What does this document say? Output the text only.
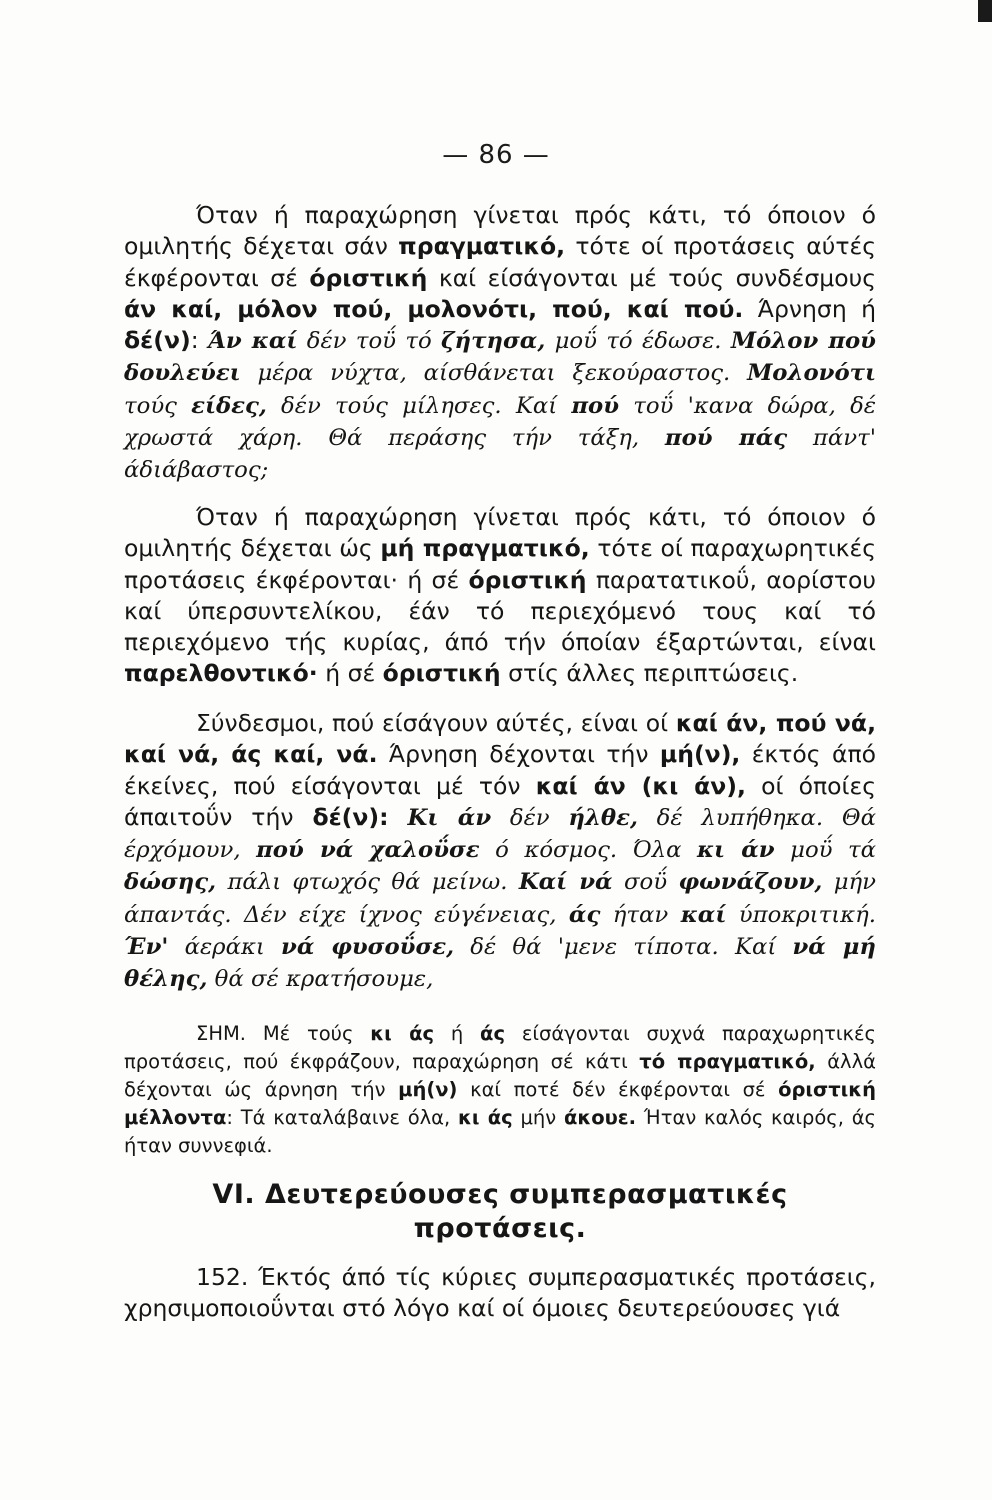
— 86 —
Όταν ή παραχώρηση γίνεται πρός κάτι, τό όποιον ό ομιλητής δέχεται σάν πραγματικό, τότε οί προτάσεις αύτές έκφέρονται σέ όριστική καί είσάγονται μέ τούς συνδέσμους άν καί, μόλον πού, μολονότι, πού, καί πού. Άρνηση ή δέ(ν): Άν καί δέν τοΰ τό ζήτησα, μοΰ τό έδωσε. Μόλον πού δουλεύει μέρα νύχτα, αίσθάνεται ξεκούραστος. Μολονότι τούς είδες, δέν τούς μίλησες. Καί πού τοΰ 'κανα δώρα, δέ χρωστά χάρη. Θά περάσης τήν τάξη, πού πάς πάντ' άδιάβαστος;
Όταν ή παραχώρηση γίνεται πρός κάτι, τό όποιον ό ομιλητής δέχεται ώς μή πραγματικό, τότε οί παραχωρητικές προτάσεις έκφέρονται· ή σέ όριστική παρατατικοΰ, αορίστου καί ύπερσυντελίκου, έάν τό περιεχόμενό τους καί τό περιεχόμενο τής κυρίας, άπό τήν όποίαν έξαρτώνται, είναι παρελθοντικό· ή σέ όριστική στίς άλλες περιπτώσεις.
Σύνδεσμοι, πού είσάγουν αύτές, είναι οί καί άν, πού νά, καί νά, άς καί, νά. Άρνηση δέχονται τήν μή(ν), έκτός άπό έκείνες, πού είσάγονται μέ τόν καί άν (κι άν), οί όποίες άπαιτοΰν τήν δέ(ν): Κι άν δέν ήλθε, δέ λυπήθηκα. Θά έρχόμουν, πού νά χαλοΰσε ό κόσμος. Όλα κι άν μοΰ τά δώσης, πάλι φτωχός θά μείνω. Καί νά σοΰ φωνάζουν, μήν άπαντάς. Δέν είχε ίχνος εύγένειας, άς ήταν καί ύποκριτική. Έν' άεράκι νά φυσοΰσε, δέ θά 'μενε τίποτα. Καί νά μή θέλης, θά σέ κρατήσουμε,
ΣΗΜ. Μέ τούς κι άς ή άς είσάγονται συχνά παραχωρητικές προτάσεις, πού έκφράζουν, παραχώρηση σέ κάτι τό πραγματικό, άλλά δέχονται ώς άρνηση τήν μή(ν) καί ποτέ δέν έκφέρονται σέ όριστική μέλλοντα: Τά καταλάβαινε όλα, κι άς μήν άκουε. Ήταν καλός καιρός, άς ήταν συννεφιά.
VI. Δευτερεύουσες συμπερασματικές
προτάσεις.
152. Έκτός άπό τίς κύριες συμπερασματικές προτάσεις, χρησιμοποιοΰνται στό λόγο καί οί όμοιες δευτερεύουσες γιά
